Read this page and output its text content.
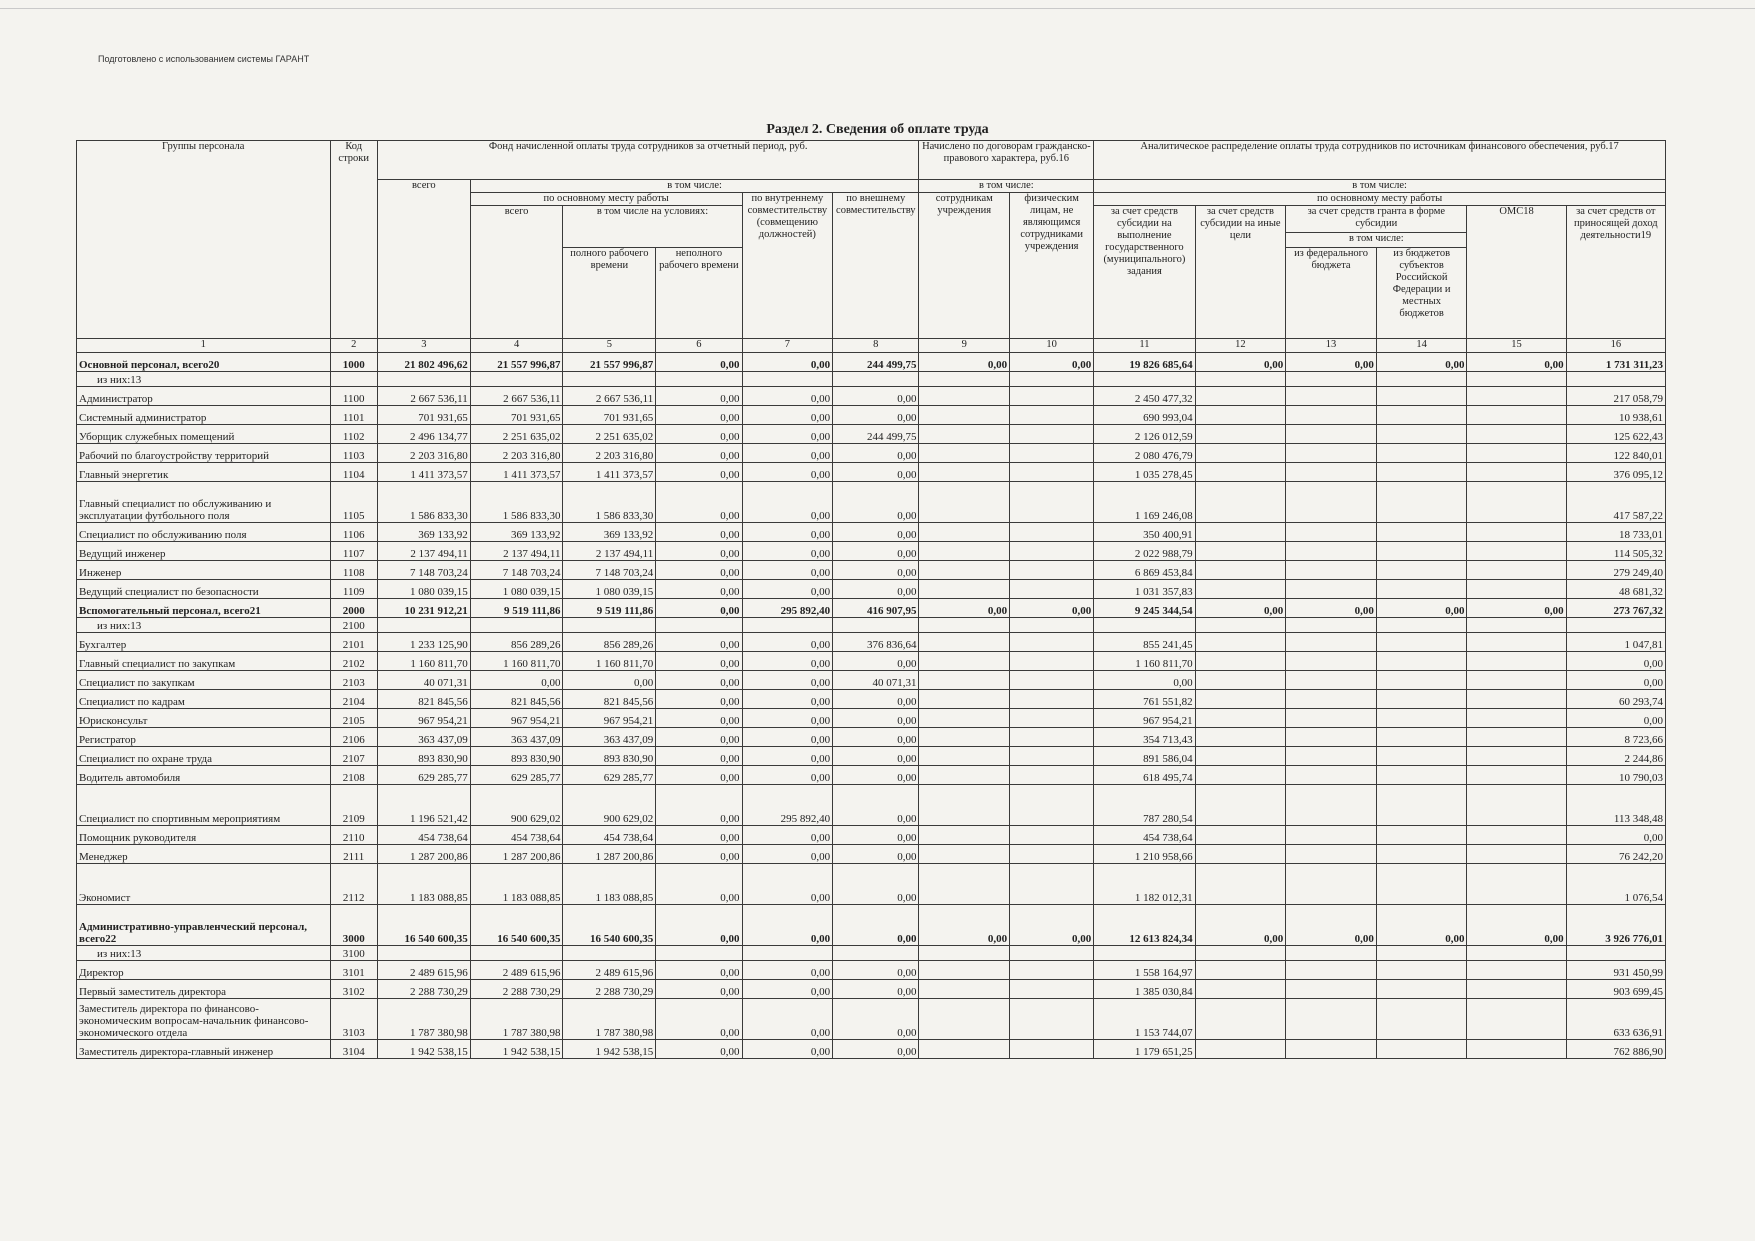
Подготовлено с использованием системы ГАРАНТ
Раздел 2. Сведения об оплате труда
Группы персонала	Код строки	Фонд начисленной оплаты труда сотрудников за отчетный период, руб.						Начислено по договорам гражданско-правового характера, руб.16		Аналитическое распределение оплаты труда сотрудников по источникам финансового обеспечения, руб.17					
		всего	в том числе:					в том числе:		в том числе:					
			по основному месту работы			по внутреннему совместительству (совмещению должностей)	по внешнему совместительству	сотрудникам учреждения	физическим лицам, не являющимся сотрудниками учреждения	по основному месту работы					
			всего	в том числе на условиях:						за счет средств субсидии на выполнение государственного (муниципального) задания	за счет средств субсидии на иные цели	за счет средств гранта в форме субсидии		ОМС18	за счет средств от приносящей доход деятельности19
												в том числе:			
				полного рабочего времени	неполного рабочего времени							из федерального бюджета	из бюджетов субъектов Российской Федерации и местных бюджетов		
1	2	3	4	5	6	7	8	9	10	11	12	13	14	15	16
Основной персонал, всего20	1000	21 802 496,62	21 557 996,87	21 557 996,87	0,00	0,00	244 499,75	0,00	0,00	19 826 685,64	0,00	0,00	0,00	0,00	1 731 311,23
из них:13															
Администратор	1100	2 667 536,11	2 667 536,11	2 667 536,11	0,00	0,00	0,00			2 450 477,32					217 058,79
Системный администратор	1101	701 931,65	701 931,65	701 931,65	0,00	0,00	0,00			690 993,04					10 938,61
Уборщик служебных помещений	1102	2 496 134,77	2 251 635,02	2 251 635,02	0,00	0,00	244 499,75			2 126 012,59					125 622,43
Рабочий по благоустройству территорий	1103	2 203 316,80	2 203 316,80	2 203 316,80	0,00	0,00	0,00			2 080 476,79					122 840,01
Главный энергетик	1104	1 411 373,57	1 411 373,57	1 411 373,57	0,00	0,00	0,00			1 035 278,45					376 095,12
Главный специалист по обслуживанию и эксплуатации футбольного поля	1105	1 586 833,30	1 586 833,30	1 586 833,30	0,00	0,00	0,00			1 169 246,08					417 587,22
Специалист по обслуживанию поля	1106	369 133,92	369 133,92	369 133,92	0,00	0,00	0,00			350 400,91					18 733,01
Ведущий инженер	1107	2 137 494,11	2 137 494,11	2 137 494,11	0,00	0,00	0,00			2 022 988,79					114 505,32
Инженер	1108	7 148 703,24	7 148 703,24	7 148 703,24	0,00	0,00	0,00			6 869 453,84					279 249,40
Ведущий специалист по безопасности	1109	1 080 039,15	1 080 039,15	1 080 039,15	0,00	0,00	0,00			1 031 357,83					48 681,32
Вспомогательный персонал, всего21	2000	10 231 912,21	9 519 111,86	9 519 111,86	0,00	295 892,40	416 907,95	0,00	0,00	9 245 344,54	0,00	0,00	0,00	0,00	273 767,32
из них:13	2100														
Бухгалтер	2101	1 233 125,90	856 289,26	856 289,26	0,00	0,00	376 836,64			855 241,45					1 047,81
Главный специалист по закупкам	2102	1 160 811,70	1 160 811,70	1 160 811,70	0,00	0,00	0,00			1 160 811,70					0,00
Специалист по закупкам	2103	40 071,31	0,00	0,00	0,00	0,00	40 071,31			0,00					0,00
Специалист по кадрам	2104	821 845,56	821 845,56	821 845,56	0,00	0,00	0,00			761 551,82					60 293,74
Юрисконсульт	2105	967 954,21	967 954,21	967 954,21	0,00	0,00	0,00			967 954,21					0,00
Регистратор	2106	363 437,09	363 437,09	363 437,09	0,00	0,00	0,00			354 713,43					8 723,66
Специалист по охране труда	2107	893 830,90	893 830,90	893 830,90	0,00	0,00	0,00			891 586,04					2 244,86
Водитель автомобиля	2108	629 285,77	629 285,77	629 285,77	0,00	0,00	0,00			618 495,74					10 790,03
Специалист по спортивным мероприятиям	2109	1 196 521,42	900 629,02	900 629,02	0,00	295 892,40	0,00			787 280,54					113 348,48
Помощник руководителя	2110	454 738,64	454 738,64	454 738,64	0,00	0,00	0,00			454 738,64					0,00
Менеджер	2111	1 287 200,86	1 287 200,86	1 287 200,86	0,00	0,00	0,00			1 210 958,66					76 242,20
Экономист	2112	1 183 088,85	1 183 088,85	1 183 088,85	0,00	0,00	0,00			1 182 012,31					1 076,54
Административно-управленческий персонал, всего22	3000	16 540 600,35	16 540 600,35	16 540 600,35	0,00	0,00	0,00	0,00	0,00	12 613 824,34	0,00	0,00	0,00	0,00	3 926 776,01
из них:13	3100														
Директор	3101	2 489 615,96	2 489 615,96	2 489 615,96	0,00	0,00	0,00			1 558 164,97					931 450,99
Первый заместитель директора	3102	2 288 730,29	2 288 730,29	2 288 730,29	0,00	0,00	0,00			1 385 030,84					903 699,45
Заместитель директора по финансово-экономическим вопросам-начальник финансово-экономического отдела	3103	1 787 380,98	1 787 380,98	1 787 380,98	0,00	0,00	0,00			1 153 744,07					633 636,91
Заместитель директора-главный инженер	3104	1 942 538,15	1 942 538,15	1 942 538,15	0,00	0,00	0,00			1 179 651,25					762 886,90
